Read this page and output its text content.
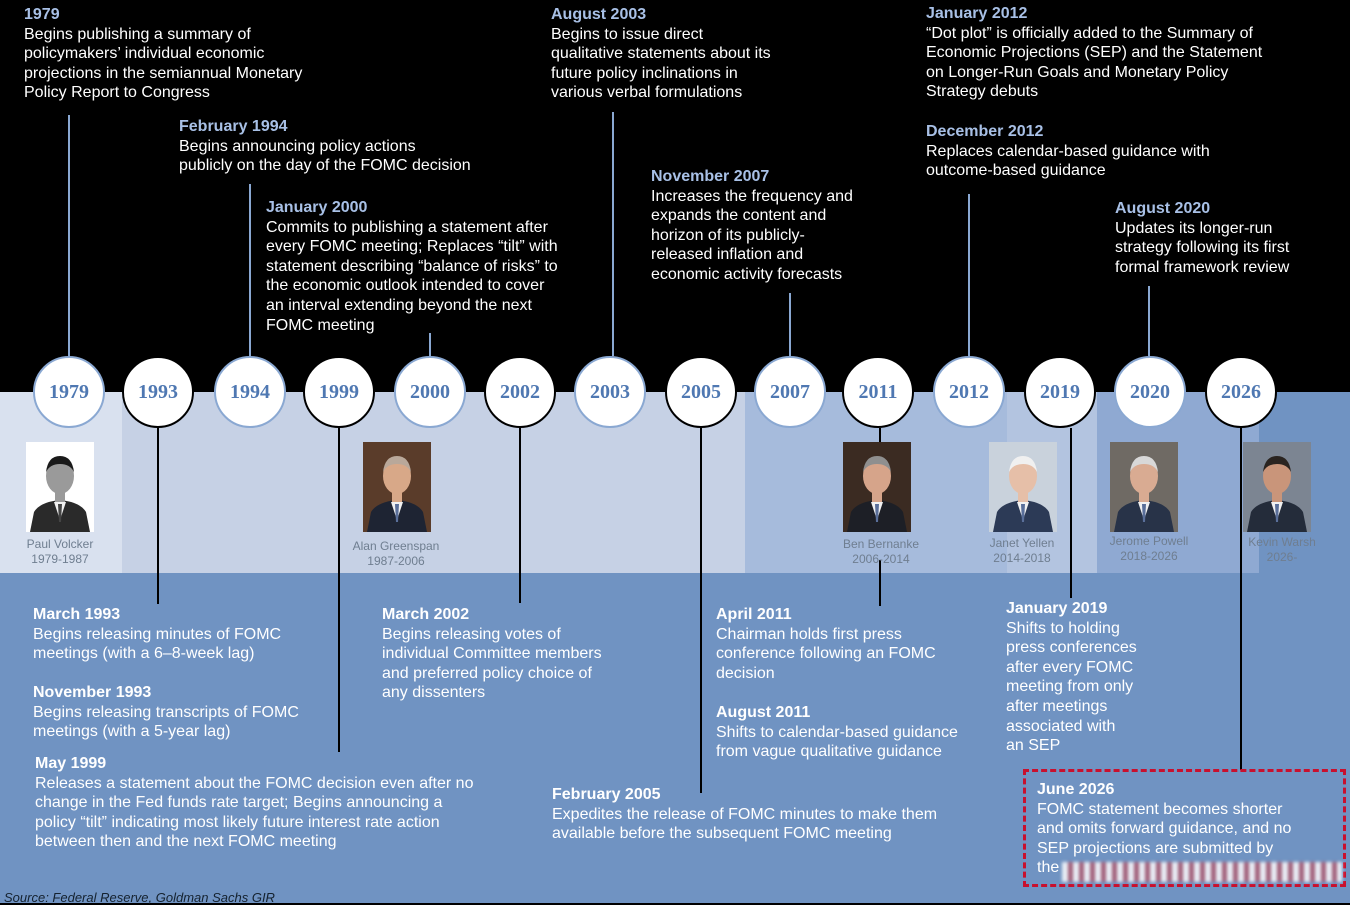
1979	1993	1994	1999	2000	2002	2003	2005	2007	2011	2012	2019	2020	2026
1979
Begins publishing a summary of
policymakers’ individual economic
projections in the semiannual Monetary
Policy Report to Congress
February 1994
Begins announcing policy actions
publicly on the day of the FOMC decision
January 2000
Commits to publishing a statement after
every FOMC meeting; Replaces “tilt” with
statement describing “balance of risks” to
the economic outlook intended to cover
an interval extending beyond the next
FOMC meeting
August 2003
Begins to issue direct
qualitative statements about its
future policy inclinations in
various verbal formulations
November 2007
Increases the frequency and
expands the content and
horizon of its publicly-
released inflation and
economic activity forecasts
January 2012
“Dot plot” is officially added to the Summary of
Economic Projections (SEP) and the Statement
on Longer-Run Goals and Monetary Policy
Strategy debuts
December 2012
Replaces calendar-based guidance with
outcome-based guidance
August 2020
Updates its longer-run
strategy following its first
formal framework review
March 1993
Begins releasing minutes of FOMC
meetings (with a 6–8-week lag)
November 1993
Begins releasing transcripts of FOMC
meetings (with a 5-year lag)
May 1999
Releases a statement about the FOMC decision even after no
change in the Fed funds rate target; Begins announcing a
policy “tilt” indicating most likely future interest rate action
between then and the next FOMC meeting
March 2002
Begins releasing votes of
individual Committee members
and preferred policy choice of
any dissenters
February 2005
Expedites the release of FOMC minutes to make them
available before the subsequent FOMC meeting
April 2011
Chairman holds first press
conference following an FOMC
decision
August 2011
Shifts to calendar-based guidance
from vague qualitative guidance
January 2019
Shifts to holding
press conferences
after every FOMC
meeting from only
after meetings
associated with
an SEP
June 2026
FOMC statement becomes shorter
and omits forward guidance, and no
SEP projections are submitted by
the
Paul Volcker
1979-1987
Alan Greenspan
1987-2006
Ben Bernanke
2006-2014
Janet Yellen
2014-2018
Jerome Powell
2018-2026
Kevin Warsh
2026-
Source: Federal Reserve, Goldman Sachs GIR
